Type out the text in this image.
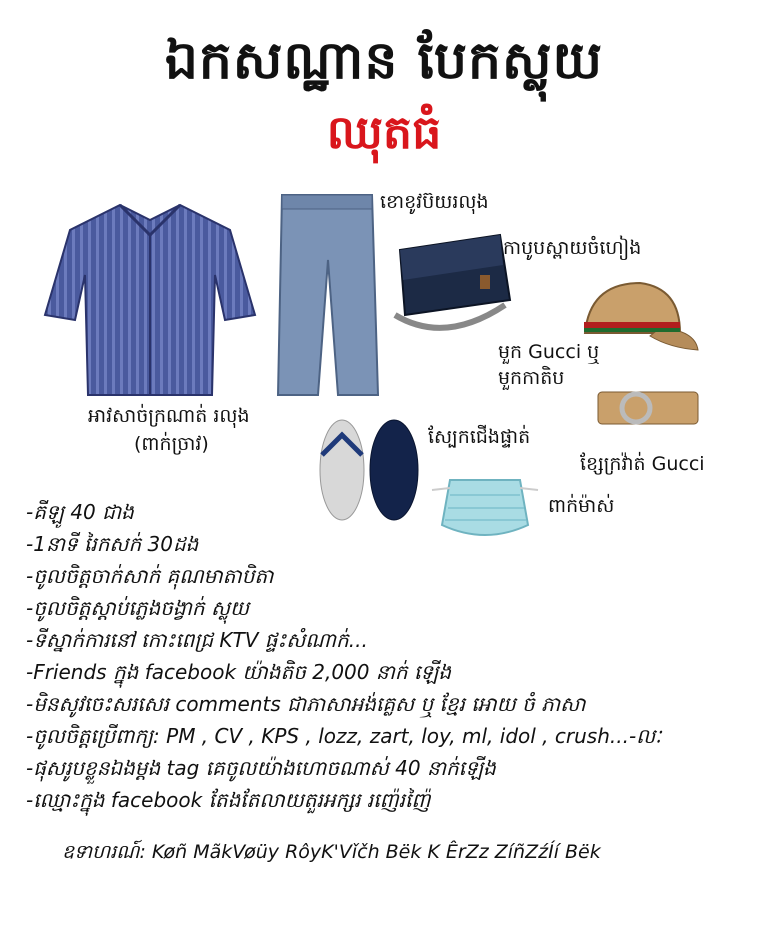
ឯកសណ្ឋាន បែកស្លុយ
ឈុតធំ
ខោខូវប៊យរលុង
កាបូបស្ពាយចំហៀង
មួក Gucci ឬ
មួកកាតិប
អាវសាច់ក្រណាត់ រលុង
(ពាក់ច្រាវ)	ស្បែកជើងផ្ទាត់
ខ្សែក្រវ៉ាត់ Gucci
ពាក់ម៉ាស់
-គីឡូ 40 ជាង
-1នាទី រៃកសក់ 30ដង
-ចូលចិត្តចាក់សាក់ គុណមាតាបិតា
-ចូលចិត្តស្តាប់ភ្លេងចង្វាក់ ស្លុយ
-ទីស្នាក់ការនៅ កោះពេជ្រ KTV ផ្ទះសំណាក់...
-Friends ក្នុង facebook យ៉ាងតិច 2,000 នាក់ ឡើង
-មិនសូវចេះសរសេរ comments ជាភាសាអង់គ្លេស ឬ ខ្មែរ អោយ ចំ ភាសា
-ចូលចិត្តប្រើពាក្យ: PM , CV , KPS , lozz, zart, loy, ml, idol , crush...-លៈ
-ផុសរូបខ្លួនឯងម្តង tag គេចូលយ៉ាងហោចណាស់ 40 នាក់ឡើង
-ឈ្មោះក្នុង facebook តែងតែលាយតួរអក្សរ រញ៉េរញ៉ៃ
ឧទាហរណ៍: Køñ MãkVøüy RôyK'Vǐčh Bëk K ÊrZz ZíñZźÍí Bëk
